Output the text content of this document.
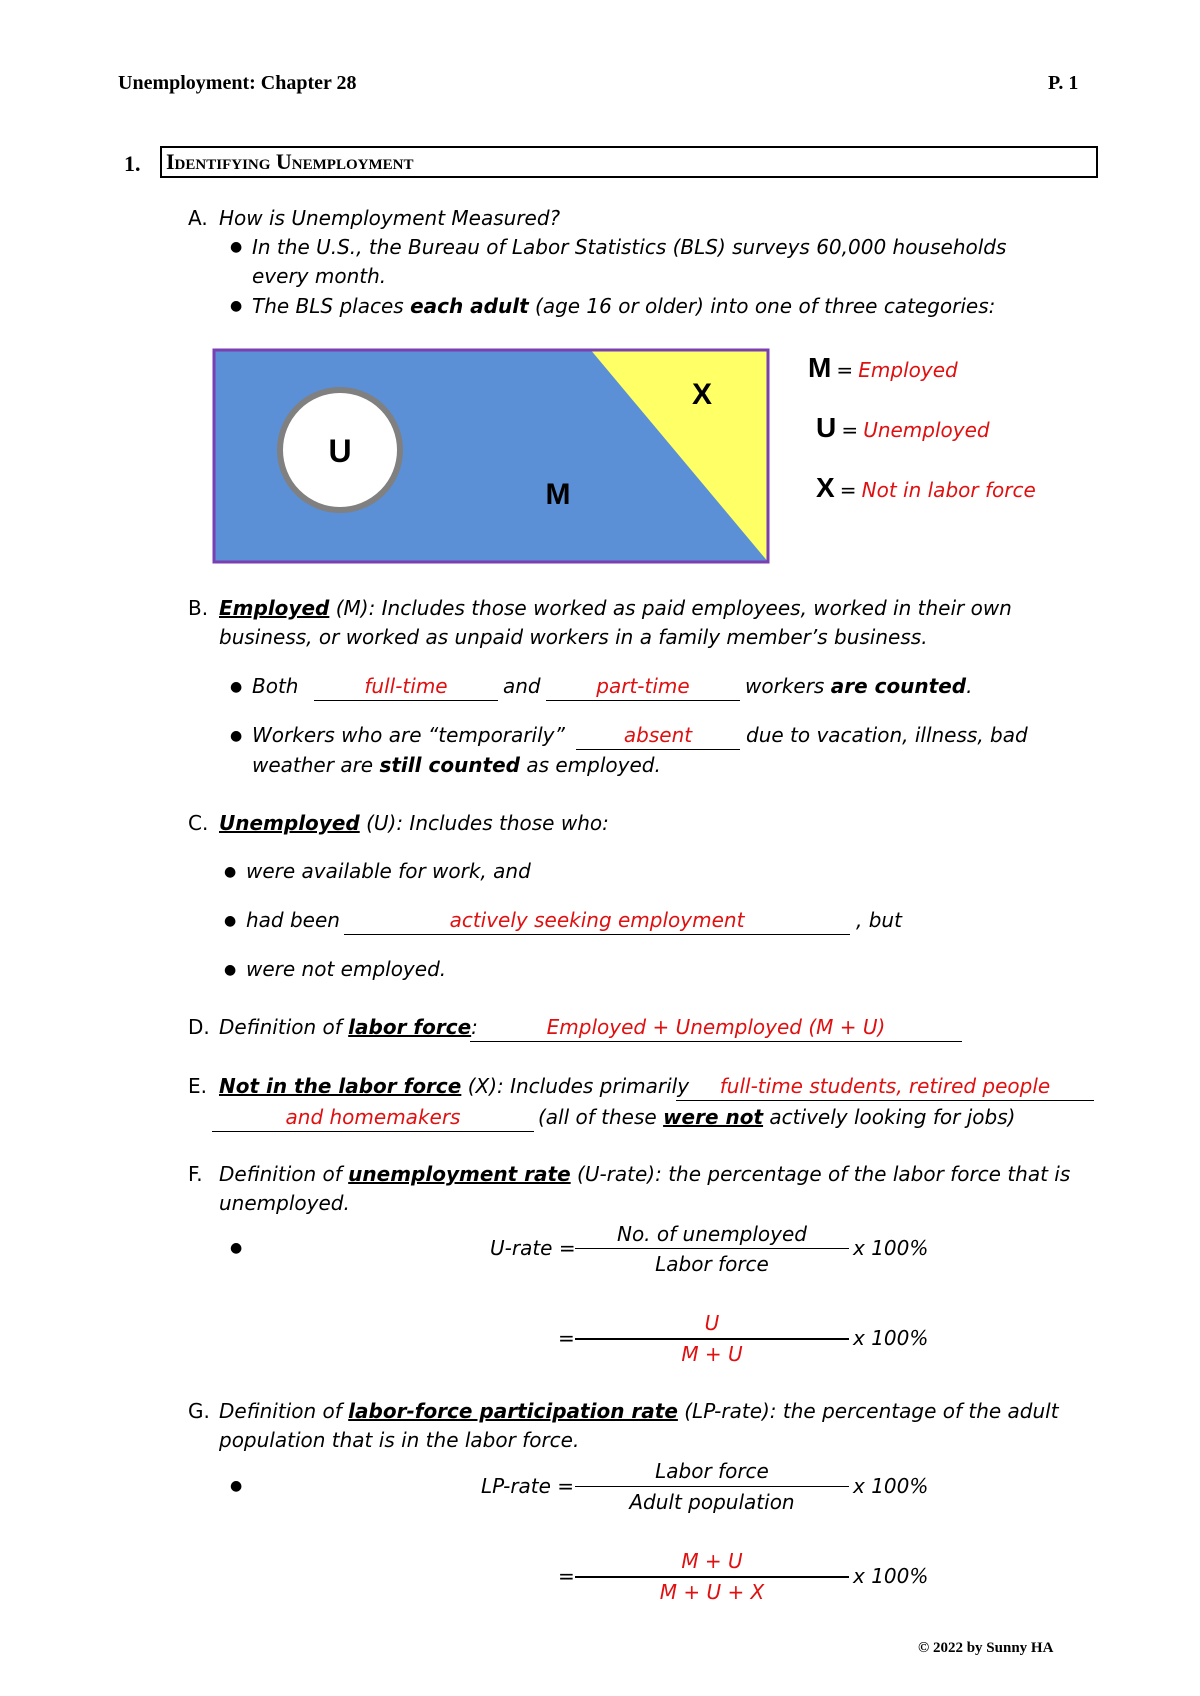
Unemployment: Chapter 28	P. 1
1. Identifying Unemployment
A. How is Unemployment Measured?
● In the U.S., the Bureau of Labor Statistics (BLS) surveys 60,000 households
every month.
● The BLS places each adult (age 16 or older) into one of three categories:
U
M
X
M = Employed
U = Unemployed
X = Not in labor force
B. Employed (M): Includes those worked as paid employees, worked in their own
business, or worked as unpaid workers in a family member’s business.
● Both	full-time	and	part-time	workers are counted.
● Workers who are “temporarily”	absent	due to vacation, illness, bad
weather are still counted as employed.
C. Unemployed (U): Includes those who:
● were available for work, and
● had been	actively seeking employment	, but
● were not employed.
D. Definition of labor force:	Employed + Unemployed (M + U)
E. Not in the labor force (X): Includes primarily	full-time students, retired people
and homemakers	(all of these were not actively looking for jobs)
F. Definition of unemployment rate (U-rate): the percentage of the labor force that is
unemployed.
●	U-rate =
No. of unemployed
Labor force
x 100%
=
U
M + U
x 100%
G. Definition of labor-force participation rate (LP-rate): the percentage of the adult
population that is in the labor force.
●	LP-rate =
Labor force
Adult population
x 100%
=
M + U
M + U + X
x 100%
© 2022 by Sunny HA
